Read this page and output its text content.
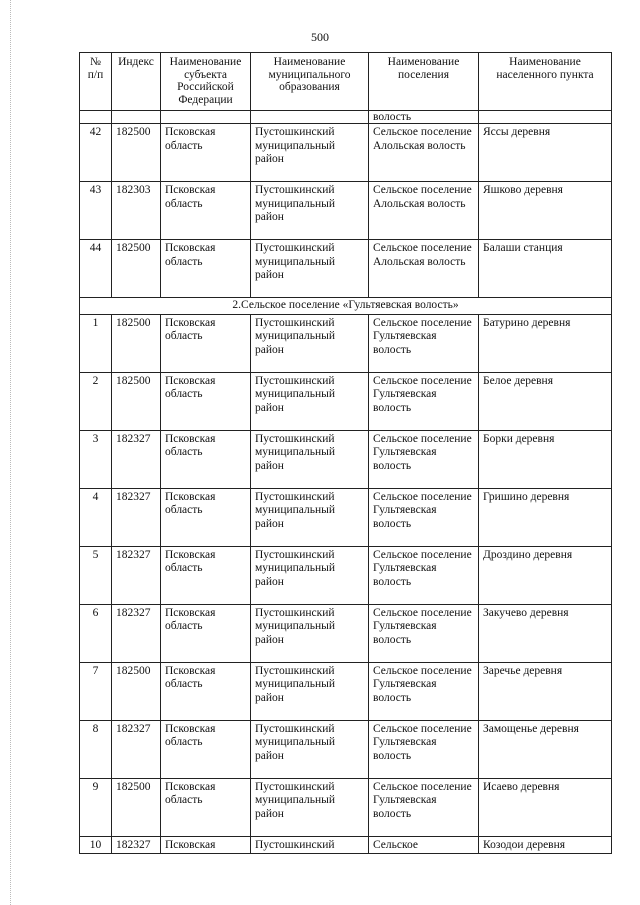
500
№ п/п	Индекс	Наименование субъекта Российской Федерации	Наименование муниципального образования	Наименование поселения	Наименование населенного пункта
				волость	
42	182500	Псковская область	Пустошкинский муниципальный район	Сельское поселение Алольская волость	Яссы деревня
43	182303	Псковская область	Пустошкинский муниципальный район	Сельское поселение Алольская волость	Яшково деревня
44	182500	Псковская область	Пустошкинский муниципальный район	Сельское поселение Алольская волость	Балаши станция
2.Сельское поселение «Гультяевская волость»					
1	182500	Псковская область	Пустошкинский муниципальный район	Сельское поселение Гультяевская волость	Батурино деревня
2	182500	Псковская область	Пустошкинский муниципальный район	Сельское поселение Гультяевская волость	Белое деревня
3	182327	Псковская область	Пустошкинский муниципальный район	Сельское поселение Гультяевская волость	Борки деревня
4	182327	Псковская область	Пустошкинский муниципальный район	Сельское поселение Гультяевская волость	Гришино деревня
5	182327	Псковская область	Пустошкинский муниципальный район	Сельское поселение Гультяевская волость	Дроздино деревня
6	182327	Псковская область	Пустошкинский муниципальный район	Сельское поселение Гультяевская волость	Закучево деревня
7	182500	Псковская область	Пустошкинский муниципальный район	Сельское поселение Гультяевская волость	Заречье деревня
8	182327	Псковская область	Пустошкинский муниципальный район	Сельское поселение Гультяевская волость	Замощенье деревня
9	182500	Псковская область	Пустошкинский муниципальный район	Сельское поселение Гультяевская волость	Исаево деревня
10	182327	Псковская	Пустошкинский	Сельское	Козодои деревня
